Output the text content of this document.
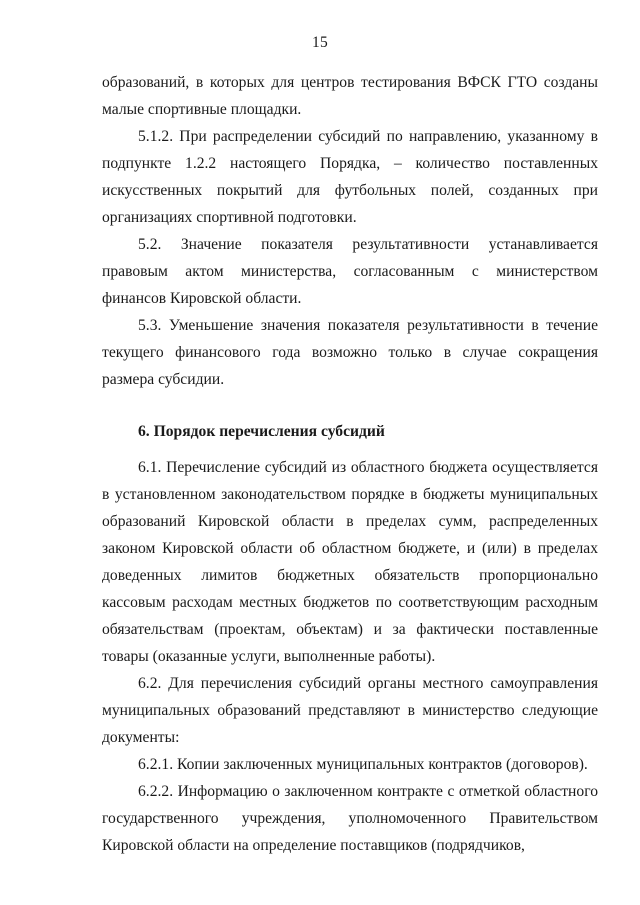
15

образований, в которых для центров тестирования ВФСК ГТО созданы малые спортивные площадки.

5.1.2. При распределении субсидий по направлению, указанному в подпункте 1.2.2 настоящего Порядка, – количество поставленных искусственных покрытий для футбольных полей, созданных при организациях спортивной подготовки.

5.2. Значение показателя результативности устанавливается правовым актом министерства, согласованным с министерством финансов Кировской области.

5.3. Уменьшение значения показателя результативности в течение текущего финансового года возможно только в случае сокращения размера субсидии.

6. Порядок перечисления субсидий

6.1. Перечисление субсидий из областного бюджета осуществляется в установленном законодательством порядке в бюджеты муниципальных образований Кировской области в пределах сумм, распределенных законом Кировской области об областном бюджете, и (или) в пределах доведенных лимитов бюджетных обязательств пропорционально кассовым расходам местных бюджетов по соответствующим расходным обязательствам (проектам, объектам) и за фактически поставленные товары (оказанные услуги, выполненные работы).

6.2. Для перечисления субсидий органы местного самоуправления муниципальных образований представляют в министерство следующие документы:

6.2.1. Копии заключенных муниципальных контрактов (договоров).

6.2.2. Информацию о заключенном контракте с отметкой областного государственного учреждения, уполномоченного Правительством Кировской области на определение поставщиков (подрядчиков,
